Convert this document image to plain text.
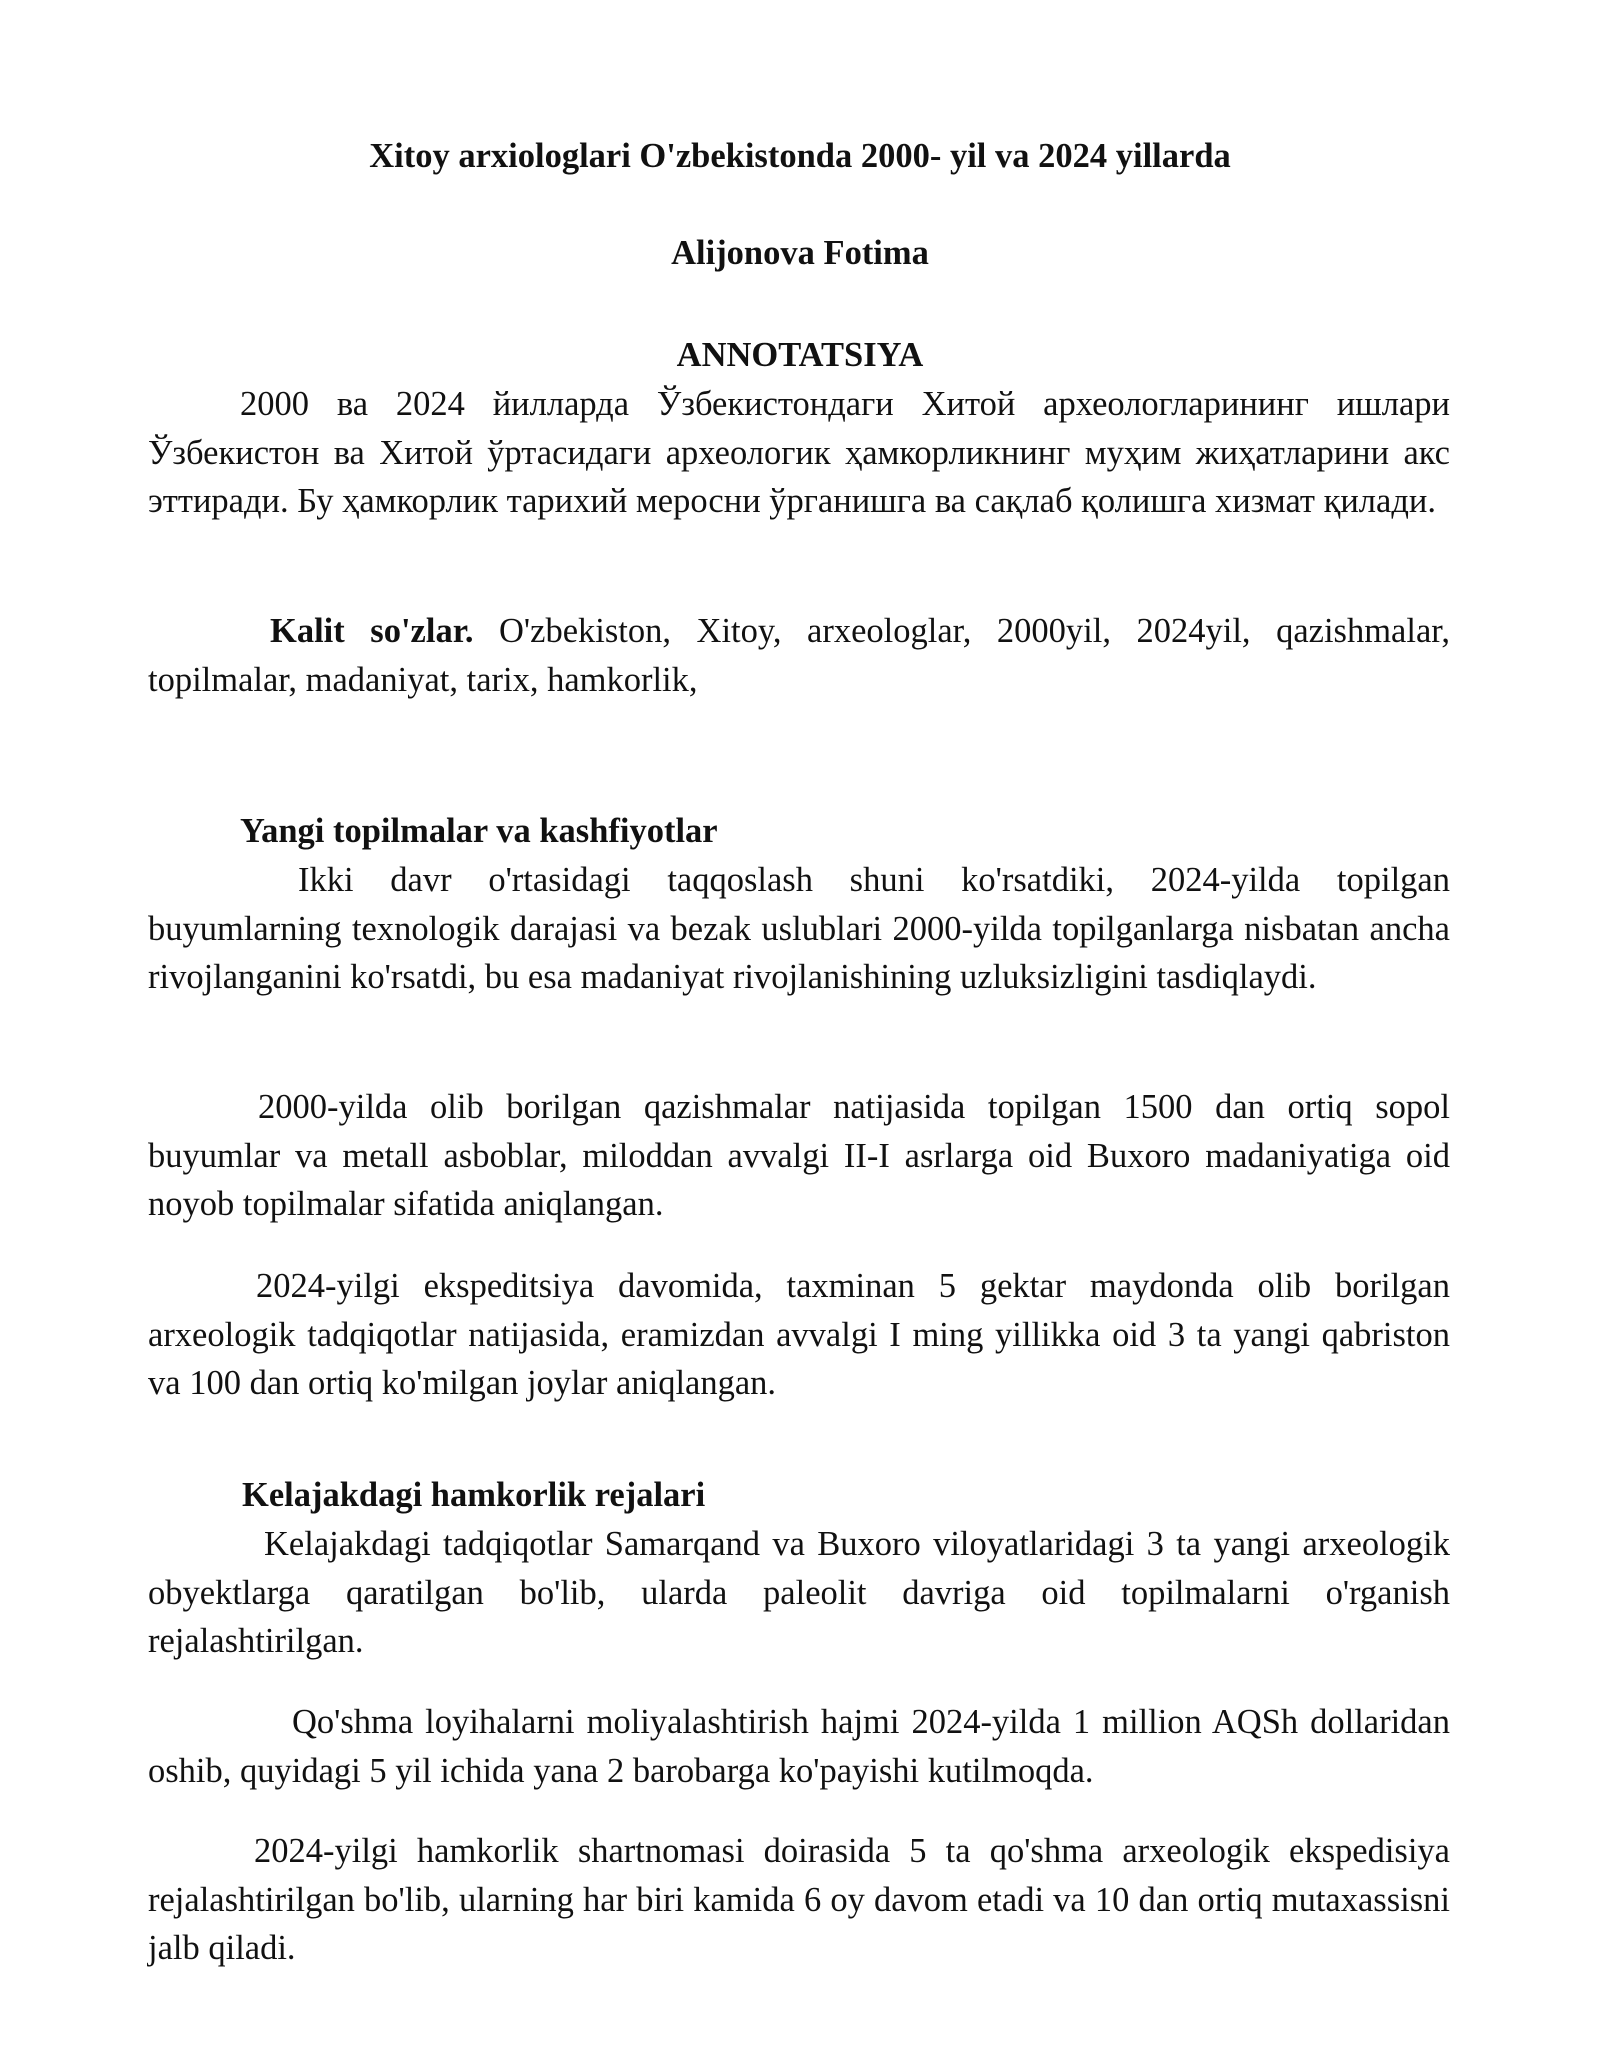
Xitoy arxiologlari O'zbekistonda 2000- yil va 2024 yillarda
Alijonova Fotima
ANNOTATSIYA

2000 ва 2024 йилларда Ўзбекистондаги Хитой археологларининг ишлари Ўзбекистон ва Хитой ўртасидаги археологик ҳамкорликнинг муҳим жиҳатларини акс эттиради. Бу ҳамкорлик тарихий меросни ўрганишга ва сақлаб қолишга хизмат қилади.

Kalit so'zlar. O'zbekiston, Xitoy, arxeologlar, 2000yil, 2024yil, qazishmalar, topilmalar, madaniyat, tarix, hamkorlik,

Yangi topilmalar va kashfiyotlar

Ikki davr o'rtasidagi taqqoslash shuni ko'rsatdiki, 2024-yilda topilgan buyumlarning texnologik darajasi va bezak uslublari 2000-yilda topilganlarga nisbatan ancha rivojlanganini ko'rsatdi, bu esa madaniyat rivojlanishining uzluksizligini tasdiqlaydi.

2000-yilda olib borilgan qazishmalar natijasida topilgan 1500 dan ortiq sopol buyumlar va metall asboblar, miloddan avvalgi II-I asrlarga oid Buxoro madaniyatiga oid noyob topilmalar sifatida aniqlangan.

2024-yilgi ekspeditsiya davomida, taxminan 5 gektar maydonda olib borilgan arxeologik tadqiqotlar natijasida, eramizdan avvalgi I ming yillikka oid 3 ta yangi qabriston va 100 dan ortiq ko'milgan joylar aniqlangan.

Kelajakdagi hamkorlik rejalari

Kelajakdagi tadqiqotlar Samarqand va Buxoro viloyatlaridagi 3 ta yangi arxeologik obyektlarga qaratilgan bo'lib, ularda paleolit davriga oid topilmalarni o'rganish rejalashtirilgan.

Qo'shma loyihalarni moliyalashtirish hajmi 2024-yilda 1 million AQSh dollaridan oshib, quyidagi 5 yil ichida yana 2 barobarga ko'payishi kutilmoqda.

2024-yilgi hamkorlik shartnomasi doirasida 5 ta qo'shma arxeologik ekspedisiya rejalashtirilgan bo'lib, ularning har biri kamida 6 oy davom etadi va 10 dan ortiq mutaxassisni jalb qiladi.
